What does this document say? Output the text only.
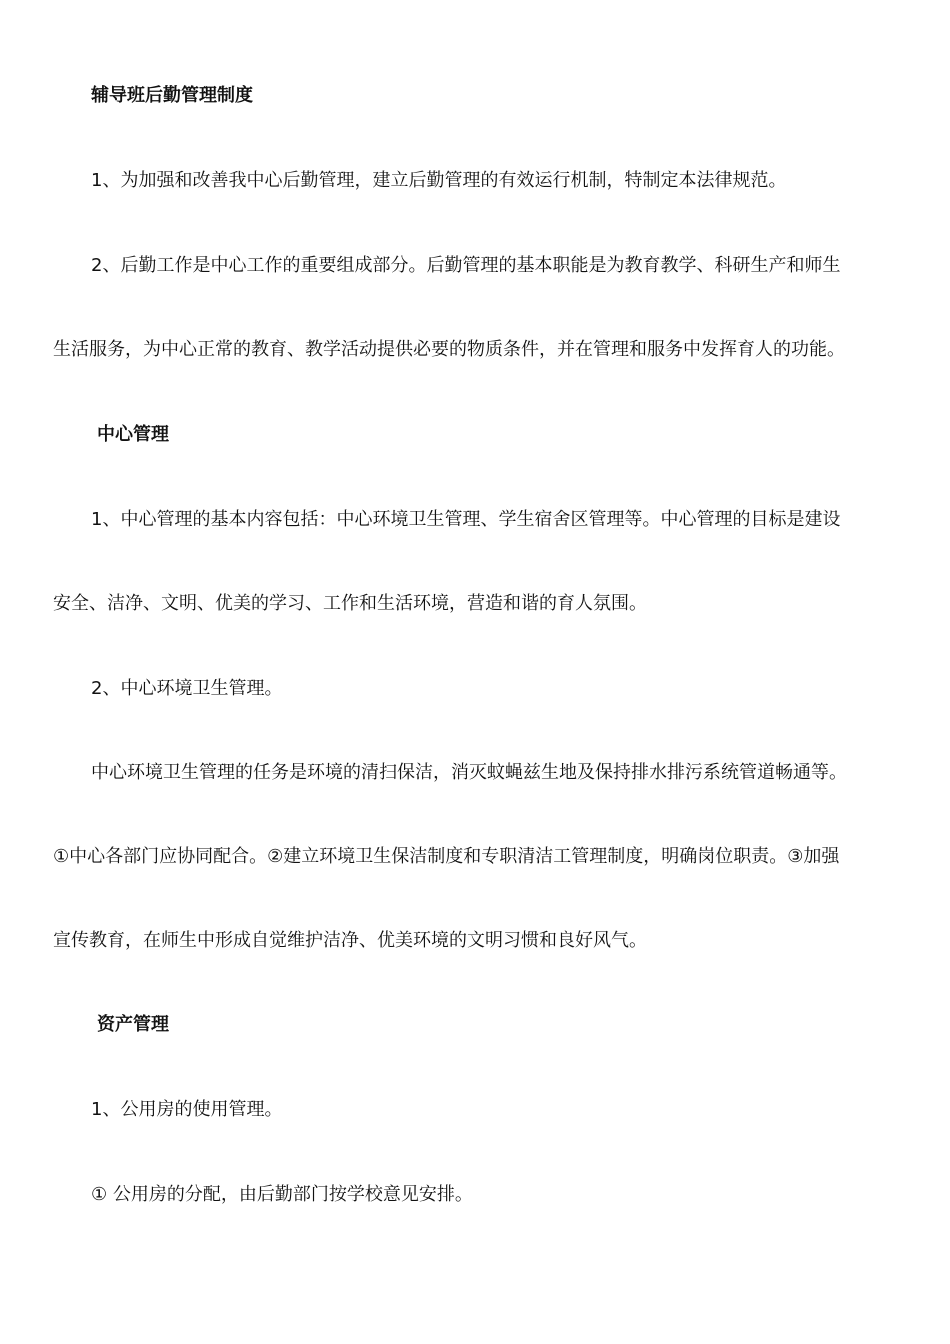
辅导班后勤管理制度
1、为加强和改善我中心后勤管理，建立后勤管理的有效运行机制，特制定本法律规范。
2、后勤工作是中心工作的重要组成部分。后勤管理的基本职能是为教育教学、科研生产和师生
生活服务，为中心正常的教育、教学活动提供必要的物质条件，并在管理和服务中发挥育人的功能。
中心管理
1、中心管理的基本内容包括：中心环境卫生管理、学生宿舍区管理等。中心管理的目标是建设
安全、洁净、文明、优美的学习、工作和生活环境，营造和谐的育人氛围。
2、中心环境卫生管理。
中心环境卫生管理的任务是环境的清扫保洁，消灭蚊蝇兹生地及保持排水排污系统管道畅通等。
①中心各部门应协同配合。②建立环境卫生保洁制度和专职清洁工管理制度，明确岗位职责。③加强
宣传教育，在师生中形成自觉维护洁净、优美环境的文明习惯和良好风气。
资产管理
1、公用房的使用管理。
① 公用房的分配，由后勤部门按学校意见安排。
